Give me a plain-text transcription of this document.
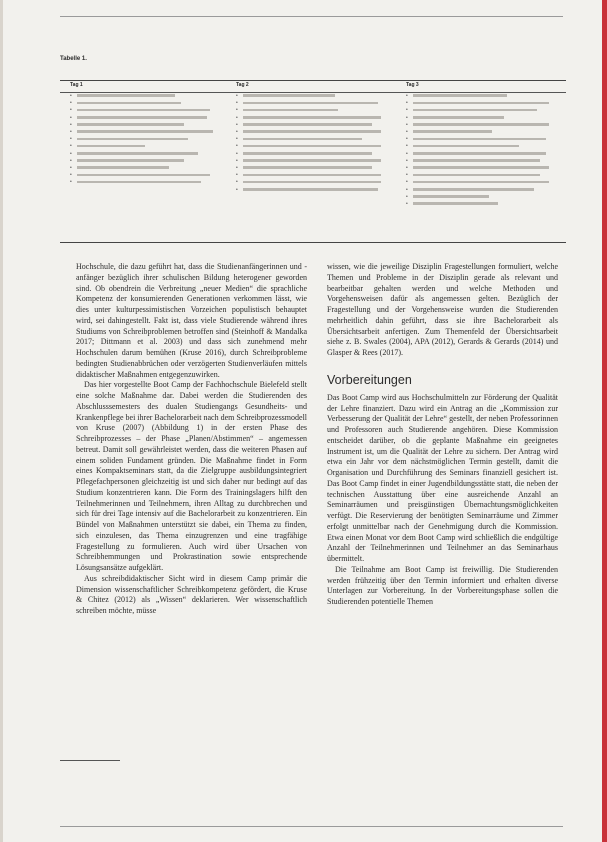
Tabelle 1.
Tag 1
•
•
•
•
•
•
•
•
•
•
•
•
•	Tag 2
•
•
•
•
•
•
•
•
•
•
•
•
•
•	Tag 3
•
•
•
•
•
•
•
•
•
•
•
•
•
•
•
•

Hochschule, die dazu geführt hat, dass die Studienanfängerinnen und -anfänger bezüglich ihrer schulischen Bildung heterogener geworden sind. Ob obendrein die Verbreitung „neuer Medien“ die sprachliche Kompetenz der konsumierenden Generationen verkommen lässt, wie dies unter kulturpessimistischen Vorzeichen populistisch behauptet wird, sei dahingestellt. Fakt ist, dass viele Studierende während ihres Studiums von Schreibproblemen betroffen sind (Steinhoff & Mandalka 2017; Dittmann et al. 2003) und dass sich zunehmend mehr Hochschulen darum bemühen (Kruse 2016), durch Schreibprobleme bedingten Studienabbrüchen oder verzögerten Studienverläufen mittels didaktischer Maßnahmen entgegenzuwirken.

Das hier vorgestellte Boot Camp der Fachhochschule Bielefeld stellt eine solche Maßnahme dar. Dabei werden die Studierenden des Abschlusssemesters des dualen Studiengangs Gesundheits- und Krankenpflege bei ihrer Bachelorarbeit nach dem Schreibprozessmodell von Kruse (2007) (Abbildung 1) in der ersten Phase des Schreibprozesses – der Phase „Planen/Abstimmen“ – angemessen betreut. Damit soll gewährleistet werden, dass die weiteren Phasen auf einem soliden Fundament gründen. Die Maßnahme findet in Form eines Kompaktseminars statt, da die Zielgruppe ausbildungsintegriert Pflegefachpersonen gleichzeitig ist und sich daher nur bedingt auf das Studium konzentrieren kann. Die Form des Trainingslagers hilft den Teilnehmerinnen und Teilnehmern, ihren Alltag zu durchbrechen und sich für drei Tage intensiv auf die Bachelorarbeit zu konzentrieren. Ein Bündel von Maßnahmen unterstützt sie dabei, ein Thema zu finden, sich einzulesen, das Thema einzugrenzen und eine tragfähige Fragestellung zu formulieren. Auch wird über Ursachen von Schreibhemmungen und Prokrastination sowie entsprechende Lösungsansätze aufgeklärt.

Aus schreibdidaktischer Sicht wird in diesem Camp primär die Dimension wissenschaftlicher Schreibkompetenz gefördert, die Kruse & Chitez (2012) als „Wissen“ deklarieren. Wer wissenschaftlich schreiben möchte, müsse

wissen, wie die jeweilige Disziplin Fragestellungen formuliert, welche Themen und Probleme in der Disziplin gerade als relevant und bearbeitbar gehalten werden und welche Methoden und Vorgehensweisen dafür als angemessen gelten. Bezüglich der Fragestellung und der Vorgehensweise wurden die Studierenden mehrheitlich dahin geführt, dass sie ihre Bachelorarbeit als Übersichtsarbeit anfertigen. Zum Themenfeld der Übersichtsarbeit siehe z. B. Swales (2004), APA (2012), Gerards & Gerards (2014) und Glasper & Rees (2017).

Vorbereitungen

Das Boot Camp wird aus Hochschulmitteln zur Förderung der Qualität der Lehre finanziert. Dazu wird ein Antrag an die „Kommission zur Verbesserung der Qualität der Lehre“ gestellt, der neben Professorinnen und Professoren auch Studierende angehören. Diese Kommission entscheidet darüber, ob die geplante Maßnahme ein geeignetes Instrument ist, um die Qualität der Lehre zu sichern. Der Antrag wird etwa ein Jahr vor dem nächstmöglichen Termin gestellt, damit die Organisation und Durchführung des Seminars finanziell gesichert ist. Das Boot Camp findet in einer Jugendbildungsstätte statt, die neben der technischen Ausstattung über eine ausreichende Anzahl an Seminarräumen und preisgünstigen Übernachtungsmöglichkeiten verfügt. Die Reservierung der benötigten Seminarräume und Zimmer erfolgt unmittelbar nach der Genehmigung durch die Kommission. Etwa einen Monat vor dem Boot Camp wird schließlich die endgültige Anzahl der Teilnehmerinnen und Teilnehmer an das Seminarhaus übermittelt.

Die Teilnahme am Boot Camp ist freiwillig. Die Studierenden werden frühzeitig über den Termin informiert und erhalten diverse Unterlagen zur Vorbereitung. In der Vorbereitungsphase sollen die Studierenden potentielle Themen
